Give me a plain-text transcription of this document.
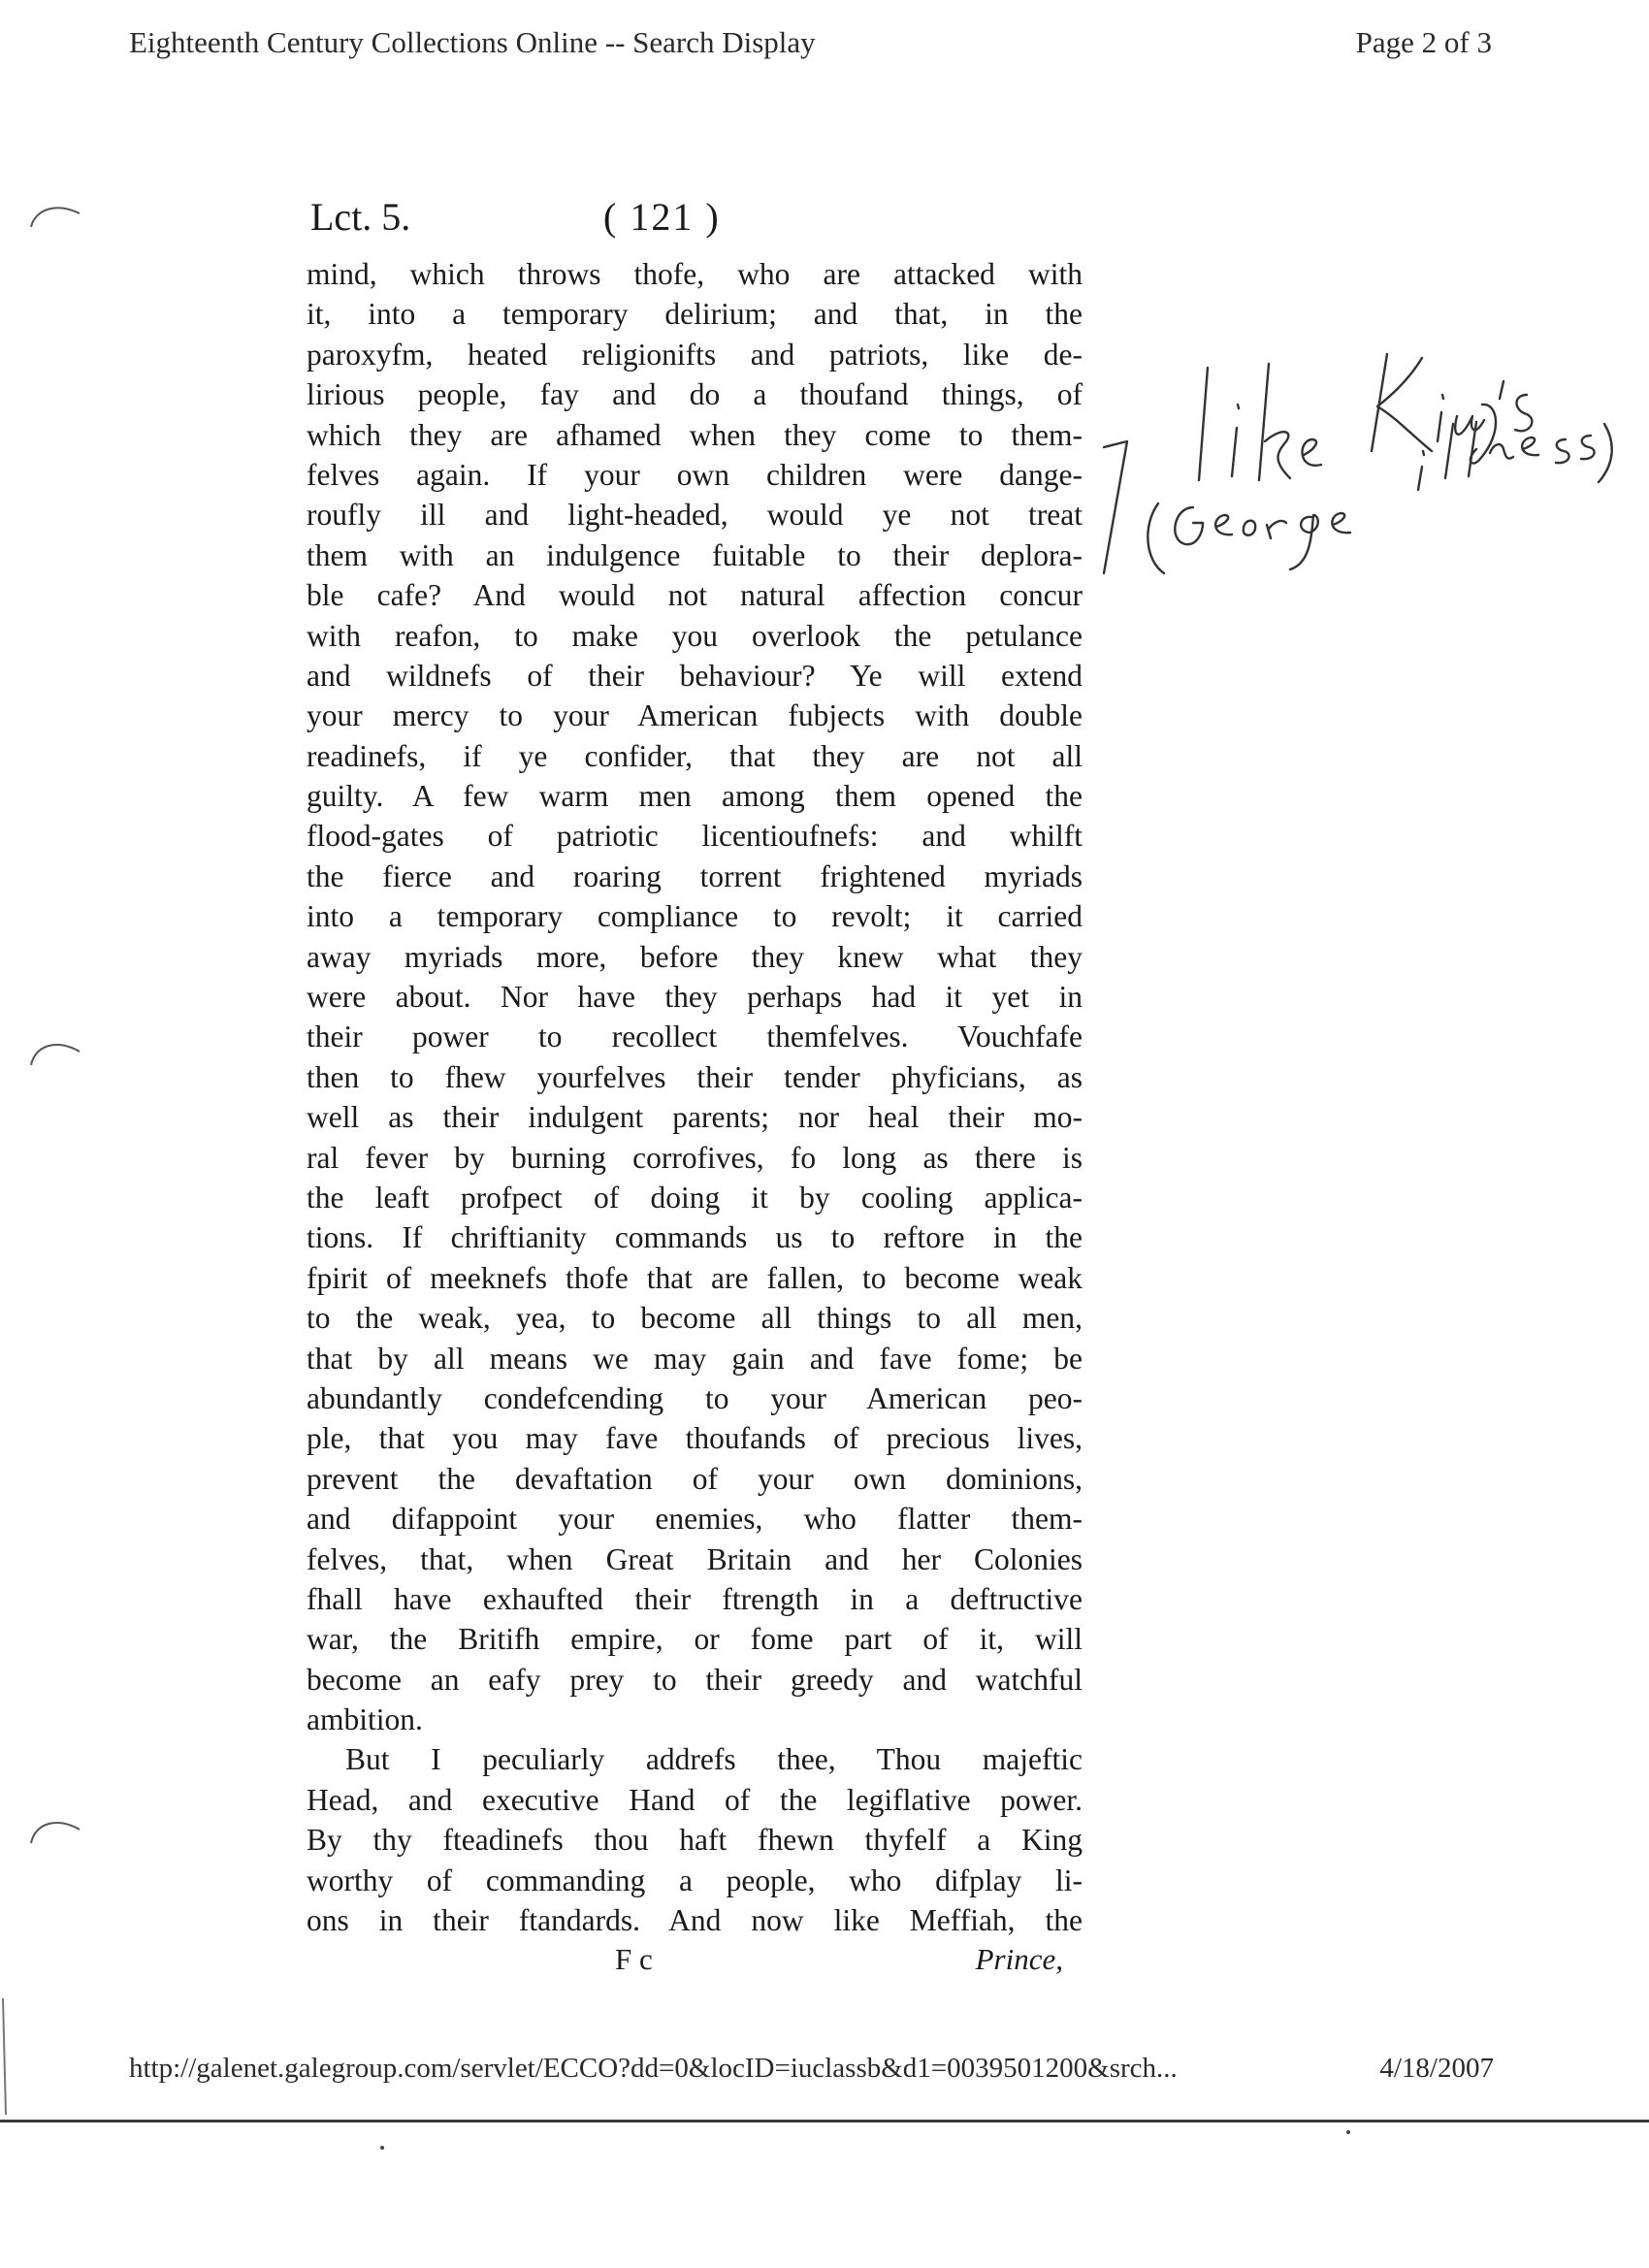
Eighteenth Century Collections Online -- Search Display	Page 2 of 3
Lct. 5.	( 121 )
mind, which throws thofe, who are attacked with
it, into a temporary delirium; and that, in the
paroxyfm, heated religionifts and patriots, like de-
lirious people, fay and do a thoufand things, of
which they are afhamed when they come to them-
felves again. If your own children were dange-
roufly ill and light-headed, would ye not treat
them with an indulgence fuitable to their deplora-
ble cafe? And would not natural affection concur
with reafon, to make you overlook the petulance
and wildnefs of their behaviour? Ye will extend
your mercy to your American fubjects with double
readinefs, if ye confider, that they are not all
guilty. A few warm men among them opened the
flood-gates of patriotic licentioufnefs: and whilft
the fierce and roaring torrent frightened myriads
into a temporary compliance to revolt; it carried
away myriads more, before they knew what they
were about. Nor have they perhaps had it yet in
their power to recollect themfelves. Vouchfafe
then to fhew yourfelves their tender phyficians, as
well as their indulgent parents; nor heal their mo-
ral fever by burning corrofives, fo long as there is
the leaft profpect of doing it by cooling applica-
tions. If chriftianity commands us to reftore in the
fpirit of meeknefs thofe that are fallen, to become weak
to the weak, yea, to become all things to all men,
that by all means we may gain and fave fome; be
abundantly condefcending to your American peo-
ple, that you may fave thoufands of precious lives,
prevent the devaftation of your own dominions,
and difappoint your enemies, who flatter them-
felves, that, when Great Britain and her Colonies
fhall have exhaufted their ftrength in a deftructive
war, the Britifh empire, or fome part of it, will
become an eafy prey to their greedy and watchful
ambition.
But I peculiarly addrefs thee, Thou majeftic
Head, and executive Hand of the legiflative power.
By thy fteadinefs thou haft fhewn thyfelf a King
worthy of commanding a people, who difplay li-
ons in their ftandards. And now like Meffiah, the
F c	Prince,
http://galenet.galegroup.com/servlet/ECCO?dd=0&locID=iuclassb&d1=0039501200&srch...	4/18/2007
